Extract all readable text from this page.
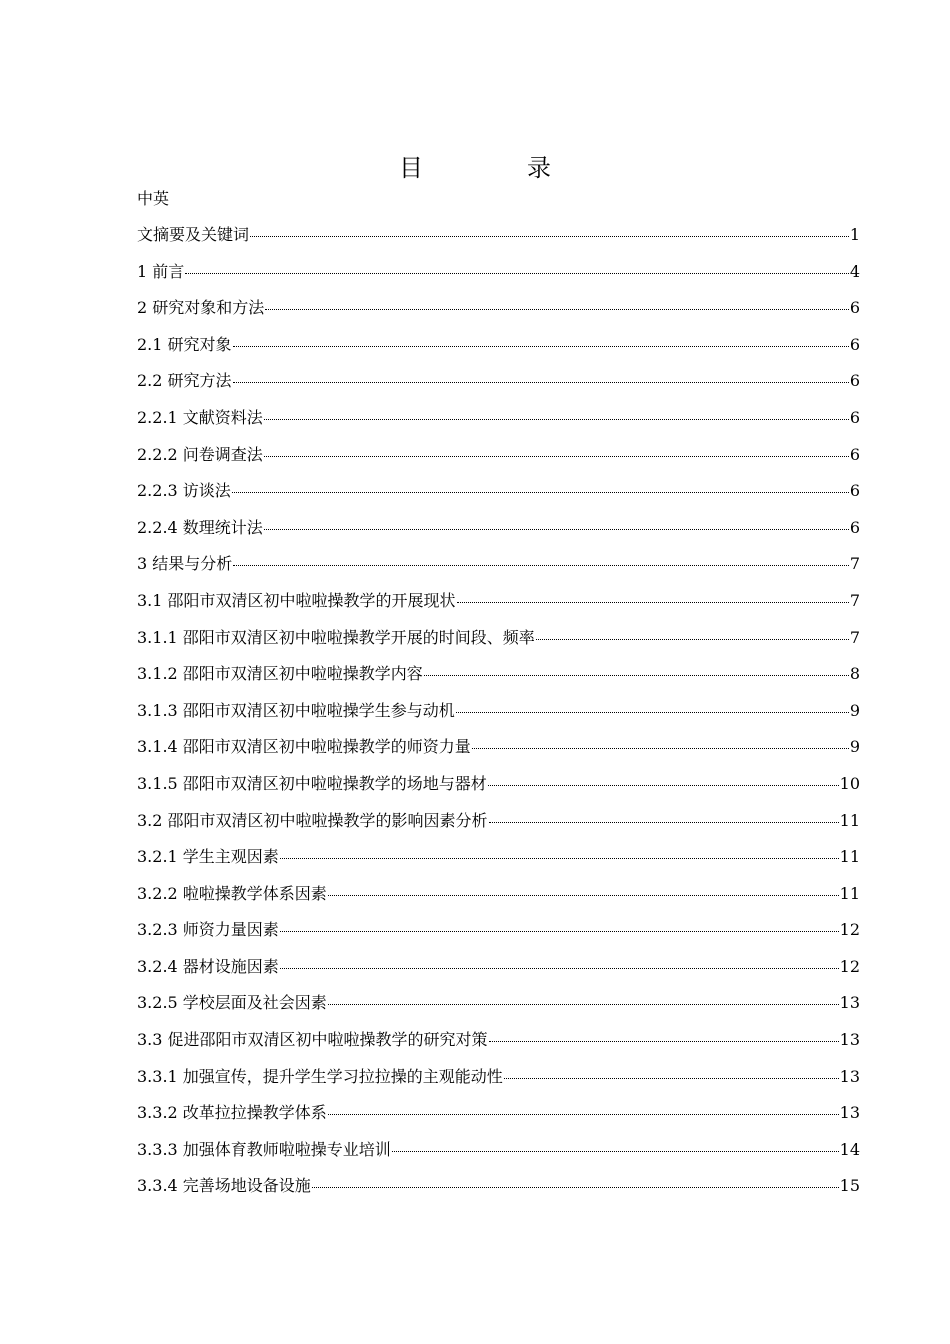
目　录
中英
文摘要及关键词	1
1 前言	4
2 研究对象和方法	6
2.1 研究对象	6
2.2 研究方法	6
2.2.1 文献资料法	6
2.2.2 问卷调查法	6
2.2.3 访谈法	6
2.2.4 数理统计法	6
3 结果与分析	7
3.1 邵阳市双清区初中啦啦操教学的开展现状	7
3.1.1 邵阳市双清区初中啦啦操教学开展的时间段、频率	7
3.1.2 邵阳市双清区初中啦啦操教学内容	8
3.1.3 邵阳市双清区初中啦啦操学生参与动机	9
3.1.4 邵阳市双清区初中啦啦操教学的师资力量	9
3.1.5 邵阳市双清区初中啦啦操教学的场地与器材	10
3.2 邵阳市双清区初中啦啦操教学的影响因素分析	11
3.2.1 学生主观因素	11
3.2.2 啦啦操教学体系因素	11
3.2.3 师资力量因素	12
3.2.4 器材设施因素	12
3.2.5 学校层面及社会因素	13
3.3 促进邵阳市双清区初中啦啦操教学的研究对策	13
3.3.1 加强宣传，提升学生学习拉拉操的主观能动性	13
3.3.2 改革拉拉操教学体系	13
3.3.3 加强体育教师啦啦操专业培训	14
3.3.4 完善场地设备设施	15
